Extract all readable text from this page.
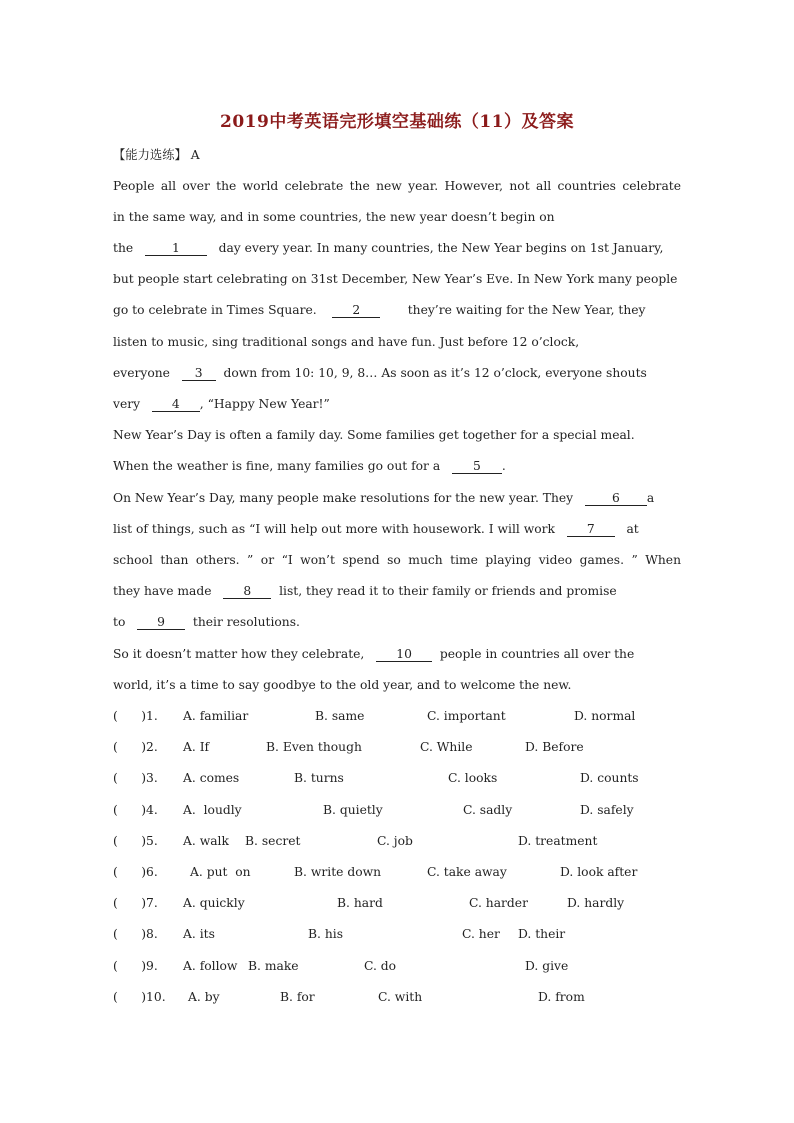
2019中考英语完形填空基础练（11）及答案
【能力选练】 A
People all over the world celebrate the new year. However, not all countries celebrate
in the same way, and in some countries, the new year doesn’t begin on
the	1	day every year. In many countries, the New Year begins on 1st January,
but people start celebrating on 31st December, New Year’s Eve. In New York many people
go to celebrate in Times Square.	2	they’re waiting for the New Year, they
listen to music, sing traditional songs and have fun. Just before 12 o’clock,
everyone 3 down from 10: 10, 9, 8… As soon as it’s 12 o’clock, everyone shouts
very	4 , “Happy New Year!”
New Year’s Day is often a family day. Some families get together for a special meal.
When the weather is fine, many families go out for a	5 .
On New Year’s Day, many people make resolutions for the new year. They	6 a
list of things, such as “I will help out more with housework. I will work	7	at
school than others. ” or “I won’t spend so much time playing video games. ” When
they have made	8 list, they read it to their family or friends and promise
to	9 their resolutions.
So it doesn’t matter how they celebrate,	10 people in countries all over the
world, it’s a time to say goodbye to the old year, and to welcome the new.
(      )1. A. familiar	B. same	C. important	D. normal
(      )2. A. If	B. Even though	C. While	D. Before
(      )3. A. comes	B. turns	C. looks	D. counts
(      )4. A.  loudly	B. quietly	C. sadly	D. safely
(      )5. A. walk B. secret	C. job	D. treatment
(      )6.	A. put  on	B. write down	C. take away	D. look after
(      )7. A. quickly	B. hard	C. harder	D. hardly
(      )8. A. its	B. his	C. her D. their
(      )9. A. follow B. make	C. do	D. give
(      )10. A. by	B. for	C. with	D. from
